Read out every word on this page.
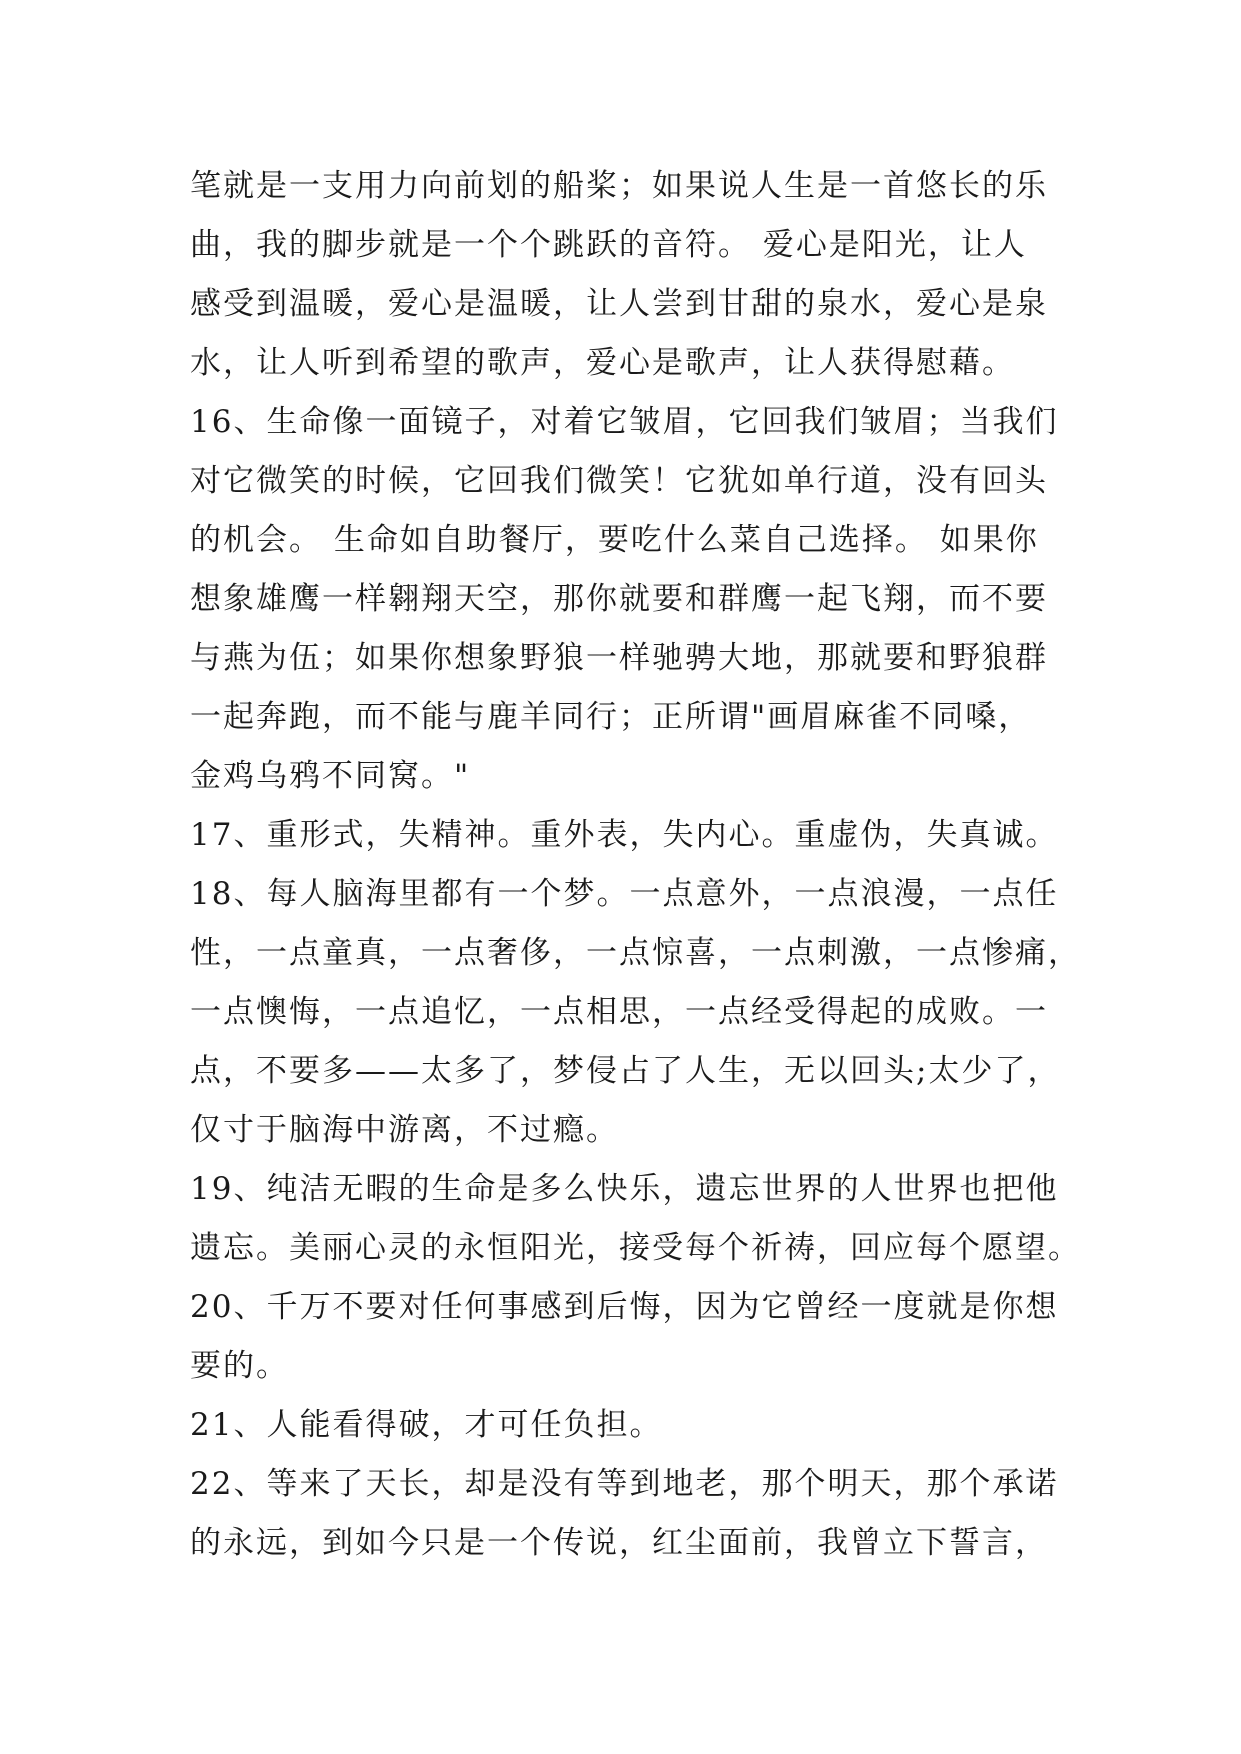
笔就是一支用力向前划的船桨；如果说人生是一首悠长的乐
曲，我的脚步就是一个个跳跃的音符。 爱心是阳光，让人
感受到温暖，爱心是温暖，让人尝到甘甜的泉水，爱心是泉
水，让人听到希望的歌声，爱心是歌声，让人获得慰藉。
16、生命像一面镜子，对着它皱眉，它回我们皱眉；当我们
对它微笑的时候，它回我们微笑！它犹如单行道，没有回头
的机会。 生命如自助餐厅，要吃什么菜自己选择。 如果你
想象雄鹰一样翱翔天空，那你就要和群鹰一起飞翔，而不要
与燕为伍；如果你想象野狼一样驰骋大地，那就要和野狼群
一起奔跑，而不能与鹿羊同行；正所谓"画眉麻雀不同嗓，
金鸡乌鸦不同窝。"
17、重形式，失精神。重外表，失内心。重虚伪，失真诚。
18、每人脑海里都有一个梦。一点意外，一点浪漫，一点任
性，一点童真，一点奢侈，一点惊喜，一点刺激，一点惨痛，
一点懊悔，一点追忆，一点相思，一点经受得起的成败。一
点，不要多——太多了，梦侵占了人生，无以回头;太少了，
仅寸于脑海中游离，不过瘾。
19、纯洁无暇的生命是多么快乐，遗忘世界的人世界也把他
遗忘。美丽心灵的永恒阳光，接受每个祈祷，回应每个愿望。
20、千万不要对任何事感到后悔，因为它曾经一度就是你想
要的。
21、人能看得破，才可任负担。
22、等来了天长，却是没有等到地老，那个明天，那个承诺
的永远，到如今只是一个传说，红尘面前，我曾立下誓言，
